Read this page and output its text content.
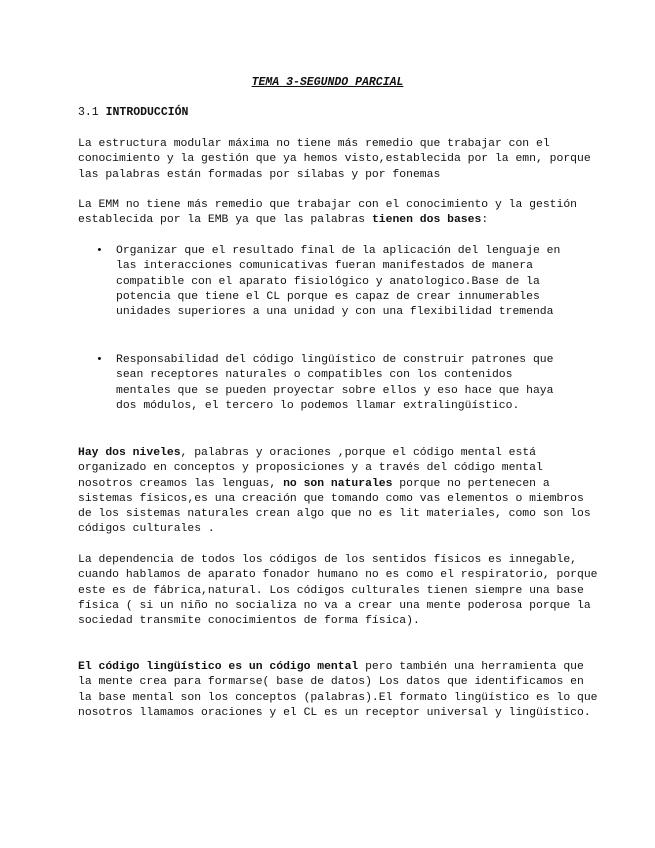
TEMA 3-SEGUNDO PARCIAL
3.1 INTRODUCCIÓN

La estructura modular máxima no tiene más remedio que trabajar con el conocimiento y la gestión que ya hemos visto,establecida por la emn, porque las palabras están formadas por sílabas y por fonemas

La EMM no tiene más remedio que trabajar con el conocimiento y la gestión establecida por la EMB ya que las palabras tienen dos bases:

• Organizar que el resultado final de la aplicación del lenguaje en las interacciones comunicativas fueran manifestados de manera compatible con el aparato fisiológico y anatologico.Base de la potencia que tiene el CL porque es capaz de crear innumerables unidades superiores a una unidad y con una flexibilidad tremenda
• Responsabilidad del código lingüístico de construir patrones que sean receptores naturales o compatibles con los contenidos mentales que se pueden proyectar sobre ellos y eso hace que haya dos módulos, el tercero lo podemos llamar extralingüístico.

Hay dos niveles, palabras y oraciones ,porque el código mental está organizado en conceptos y proposiciones y a través del código mental nosotros creamos las lenguas, no son naturales porque no pertenecen a sistemas físicos,es una creación que tomando como vas elementos o miembros de los sistemas naturales crean algo que no es lit materiales, como son los códigos culturales .

La dependencia de todos los códigos de los sentidos físicos es innegable, cuando hablamos de aparato fonador humano no es como el respiratorio, porque este es de fábrica,natural. Los códigos culturales tienen siempre una base física ( si un niño no socializa no va a crear una mente poderosa porque la sociedad transmite conocimientos de forma física).

El código lingüístico es un código mental pero también una herramienta que la mente crea para formarse( base de datos) Los datos que identificamos en la base mental son los conceptos (palabras).El formato lingüístico es lo que nosotros llamamos oraciones y el CL es un receptor universal y lingüístico.
